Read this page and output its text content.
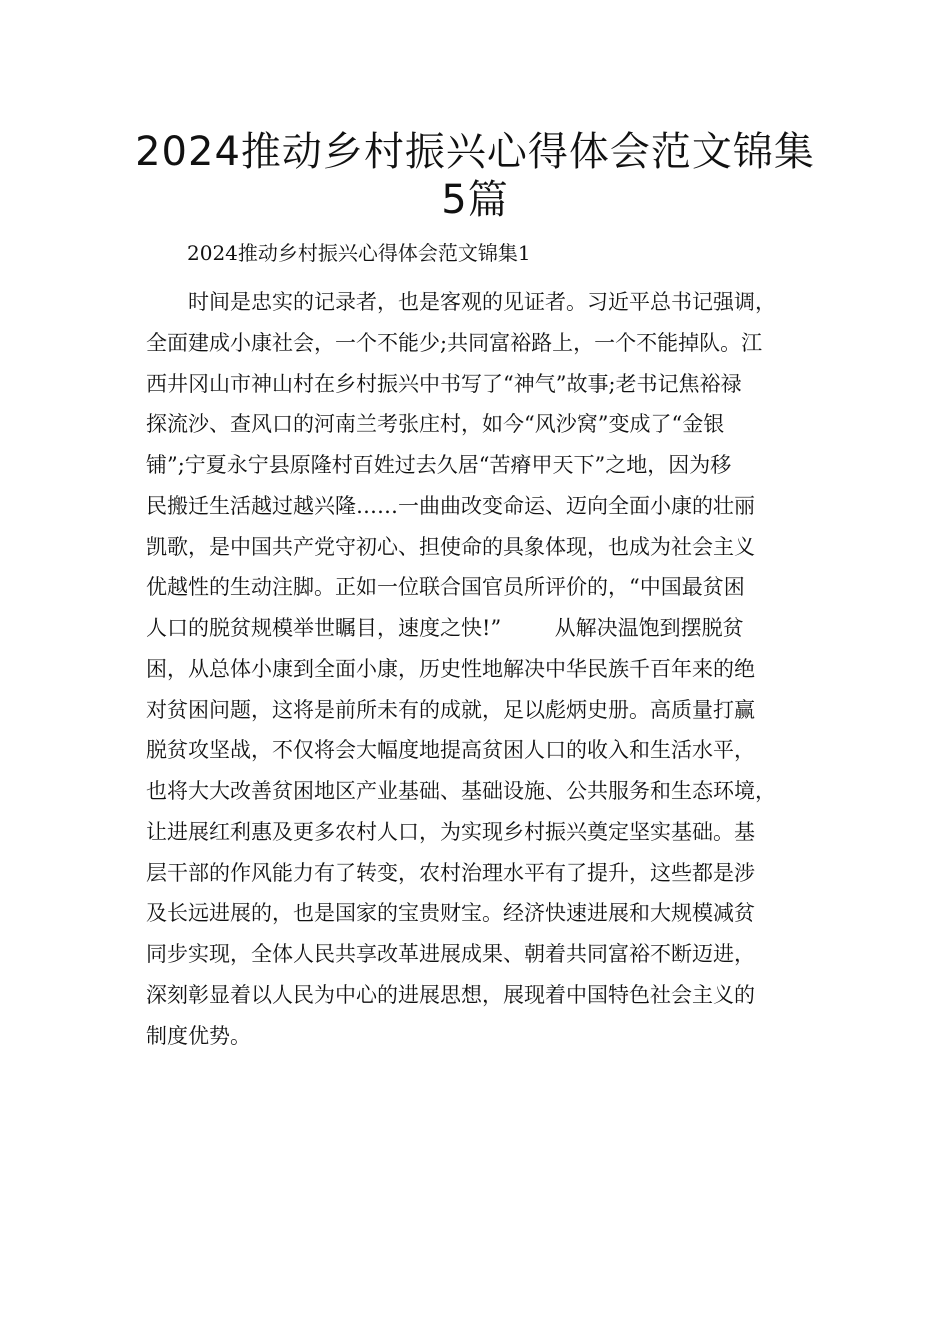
2024推动乡村振兴心得体会范文锦集5篇

2024推动乡村振兴心得体会范文锦集1

时间是忠实的记录者，也是客观的见证者。习近平总书记强调，
全面建成小康社会，一个不能少;共同富裕路上，一个不能掉队。江
西井冈山市神山村在乡村振兴中书写了“神气”故事;老书记焦裕禄
探流沙、查风口的河南兰考张庄村，如今“风沙窝”变成了“金银
铺”;宁夏永宁县原隆村百姓过去久居“苦瘠甲天下”之地，因为移
民搬迁生活越过越兴隆……一曲曲改变命运、迈向全面小康的壮丽
凯歌，是中国共产党守初心、担使命的具象体现，也成为社会主义
优越性的生动注脚。正如一位联合国官员所评价的，“中国最贫困
人口的脱贫规模举世瞩目，速度之快!”        从解决温饱到摆脱贫
困，从总体小康到全面小康，历史性地解决中华民族千百年来的绝
对贫困问题，这将是前所未有的成就，足以彪炳史册。高质量打赢
脱贫攻坚战，不仅将会大幅度地提高贫困人口的收入和生活水平，
也将大大改善贫困地区产业基础、基础设施、公共服务和生态环境，
让进展红利惠及更多农村人口，为实现乡村振兴奠定坚实基础。基
层干部的作风能力有了转变，农村治理水平有了提升，这些都是涉
及长远进展的，也是国家的宝贵财宝。经济快速进展和大规模减贫
同步实现，全体人民共享改革进展成果、朝着共同富裕不断迈进，
深刻彰显着以人民为中心的进展思想，展现着中国特色社会主义的
制度优势。
